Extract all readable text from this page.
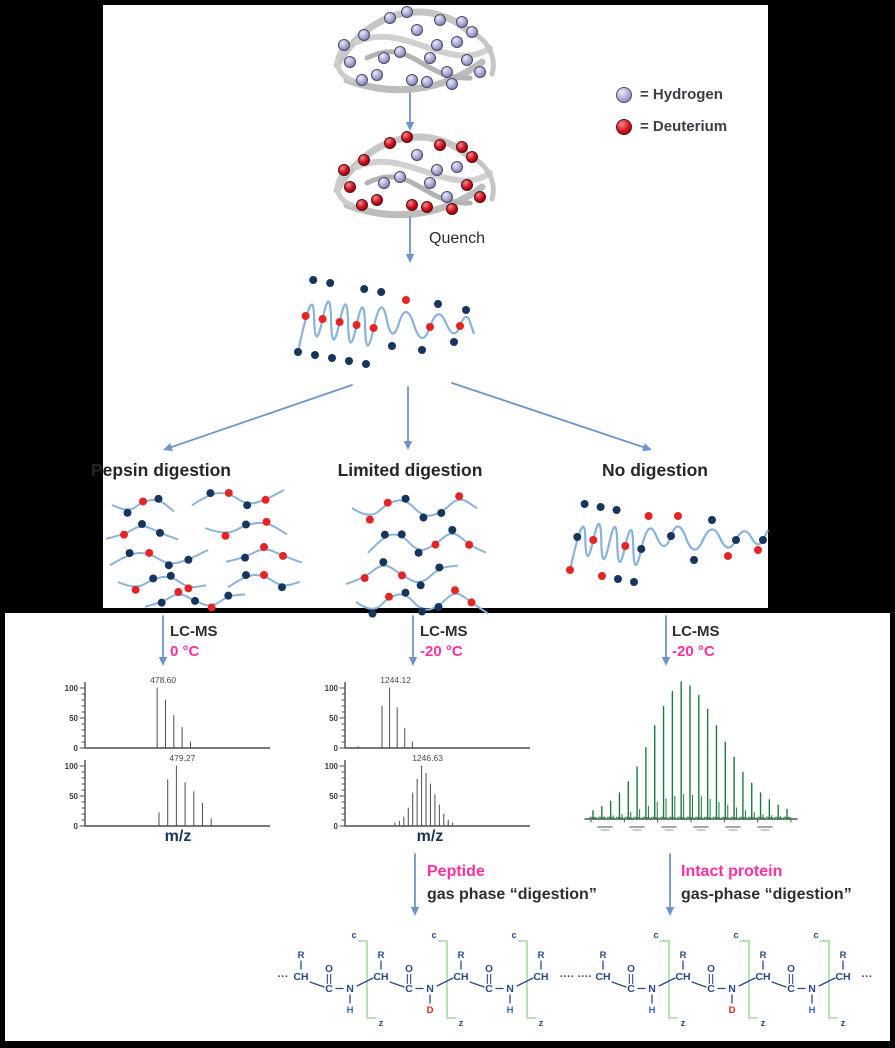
0
50
100
478.60
0
50
100
479.27
0
50
100
1244.12
0
50
100
1246.63
···
R
CH
O
C N
H
c
z
R
CH
O
C N
D
c
z
R
CH
O
C N
H
c
z
R
CH ···· ····
R
CH
O
C N
H
c
z
R
CH
O
C N
D
c
z
R
CH
O
C N
H
c
z
R
CH ···
= Hydrogen
= Deuterium
Quench
Pepsin digestion	Limited digestion	No digestion
LC-MS
0 °C
LC-MS
-20 °C
LC-MS
-20 °C
m/z	m/z
Peptide
gas phase “digestion”
Intact protein
gas-phase “digestion”
